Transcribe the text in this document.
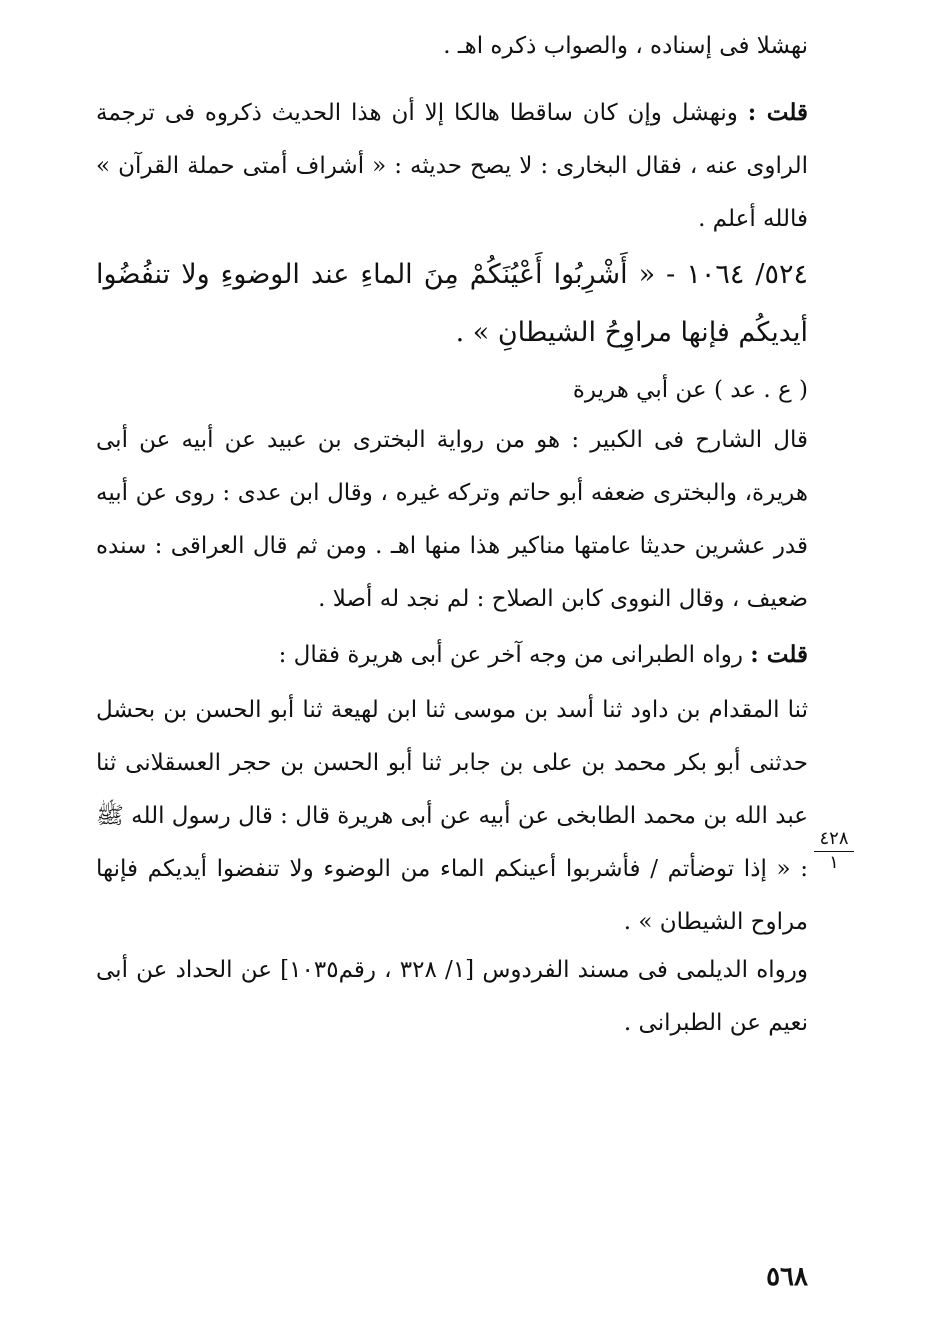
نهشلا فى إسناده ، والصواب ذكره اهـ .
قلت : ونهشل وإن كان ساقطا هالكا إلا أن هذا الحديث ذكروه فى ترجمة الراوى عنه ، فقال البخارى : لا يصح حديثه : « أشراف أمتى حملة القرآن » فالله أعلم .
٥٢٤/ ١٠٦٤ - « أَشْرِبُوا أَعْيُنَكُمْ مِنَ الماءِ عند الوضوءِ ولا تنفُضُوا أيديكُم فإنها مراوِحُ الشيطانِ » .
( ع . عد ) عن أبي هريرة
قال الشارح فى الكبير : هو من رواية البخترى بن عبيد عن أبيه عن أبى هريرة، والبخترى ضعفه أبو حاتم وتركه غيره ، وقال ابن عدى : روى عن أبيه قدر عشرين حديثا عامتها مناكير هذا منها اهـ . ومن ثم قال العراقى : سنده ضعيف ، وقال النووى كابن الصلاح : لم نجد له أصلا .
قلت : رواه الطبرانى من وجه آخر عن أبى هريرة فقال :
ثنا المقدام بن داود ثنا أسد بن موسى ثنا ابن لهيعة ثنا أبو الحسن بن بحشل حدثنى أبو بكر محمد بن على بن جابر ثنا أبو الحسن بن حجر العسقلانى ثنا عبد الله بن محمد الطابخى عن أبيه عن أبى هريرة قال : قال رسول الله ﷺ : « إذا توضأتم / فأشربوا أعينكم الماء من الوضوء ولا تنفضوا أيديكم فإنها مراوح الشيطان » .
ورواه الديلمى فى مسند الفردوس [١/ ٣٢٨ ، رقم١٠٣٥] عن الحداد عن أبى نعيم عن الطبرانى .
٤٢٨
١
٥٦٨
